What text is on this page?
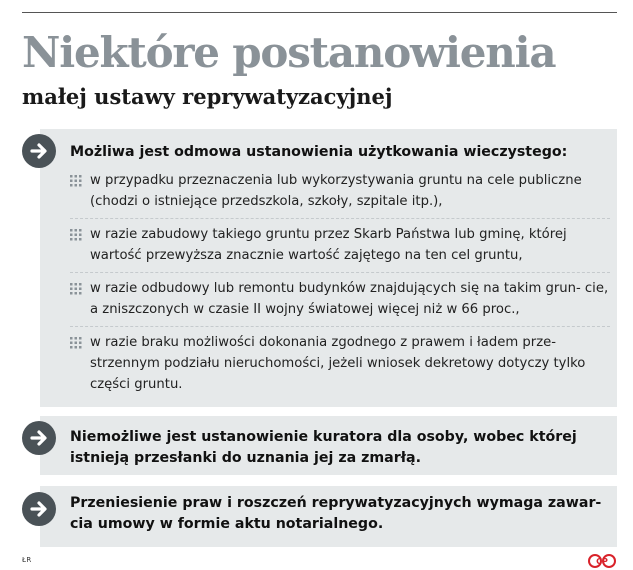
Niektóre postanowienia
małej ustawy reprywatyzacyjnej

Możliwa jest odmowa ustanowienia użytkowania wieczystego:

w przypadku przeznaczenia lub wykorzystywania gruntu na cele publiczne (chodzi o istniejące przedszkola, szkoły, szpitale itp.),
w razie zabudowy takiego gruntu przez Skarb Państwa lub gminę, której wartość przewyższa znacznie wartość zajętego na ten cel gruntu,
w razie odbudowy lub remontu budynków znajdujących się na takim grun- cie, a zniszczonych w czasie II wojny światowej więcej niż w 66 proc.,
w razie braku możliwości dokonania zgodnego z prawem i ładem prze- strzennym podziału nieruchomości, jeżeli wniosek dekretowy dotyczy tylko części gruntu.

Niemożliwe jest ustanowienie kuratora dla osoby, wobec której istnieją przesłanki do uznania jej za zmarłą.

Przeniesienie praw i roszczeń reprywatyzacyjnych wymaga zawar- cia umowy w formie aktu notarialnego.

ŁR	CP
